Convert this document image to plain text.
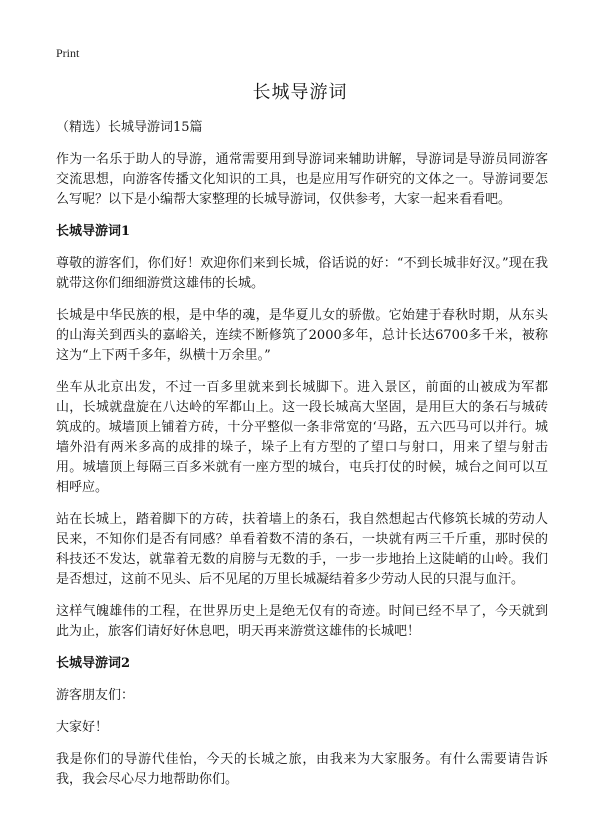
Print
长城导游词

（精选）长城导游词15篇

作为一名乐于助人的导游，通常需要用到导游词来辅助讲解，导游词是导游员同游客交流思想，向游客传播文化知识的工具，也是应用写作研究的文体之一。导游词要怎么写呢？以下是小编帮大家整理的长城导游词，仅供参考，大家一起来看看吧。

长城导游词1

尊敬的游客们，你们好！欢迎你们来到长城，俗话说的好：“不到长城非好汉。”现在我就带这你们细细游赏这雄伟的长城。

长城是中华民族的根，是中华的魂，是华夏儿女的骄傲。它始建于春秋时期，从东头的山海关到西头的嘉峪关，连续不断修筑了2000多年，总计长达6700多千米，被称这为“上下两千多年，纵横十万余里。”

坐车从北京出发，不过一百多里就来到长城脚下。进入景区，前面的山被成为军都山，长城就盘旋在八达岭的军都山上。这一段长城高大坚固，是用巨大的条石与城砖筑成的。城墙顶上铺着方砖，十分平整似一条非常宽的‘马路，五六匹马可以并行。城墙外沿有两米多高的成排的垛子，垛子上有方型的了望口与射口，用来了望与射击用。城墙顶上每隔三百多米就有一座方型的城台，屯兵打仗的时候，城台之间可以互相呼应。

站在长城上，踏着脚下的方砖，扶着墙上的条石，我自然想起古代修筑长城的劳动人民来，不知你们是否有同感？单看着数不清的条石，一块就有两三千斤重，那时侯的科技还不发达，就靠着无数的肩膀与无数的手，一步一步地抬上这陡峭的山岭。我们是否想过，这前不见头、后不见尾的万里长城凝结着多少劳动人民的只混与血汗。

这样气魄雄伟的工程，在世界历史上是绝无仅有的奇迹。时间已经不早了，今天就到此为止，旅客们请好好休息吧，明天再来游赏这雄伟的长城吧！

长城导游词2

游客朋友们：

大家好！

我是你们的导游代佳怡，今天的长城之旅，由我来为大家服务。有什么需要请告诉我，我会尽心尽力地帮助你们。
